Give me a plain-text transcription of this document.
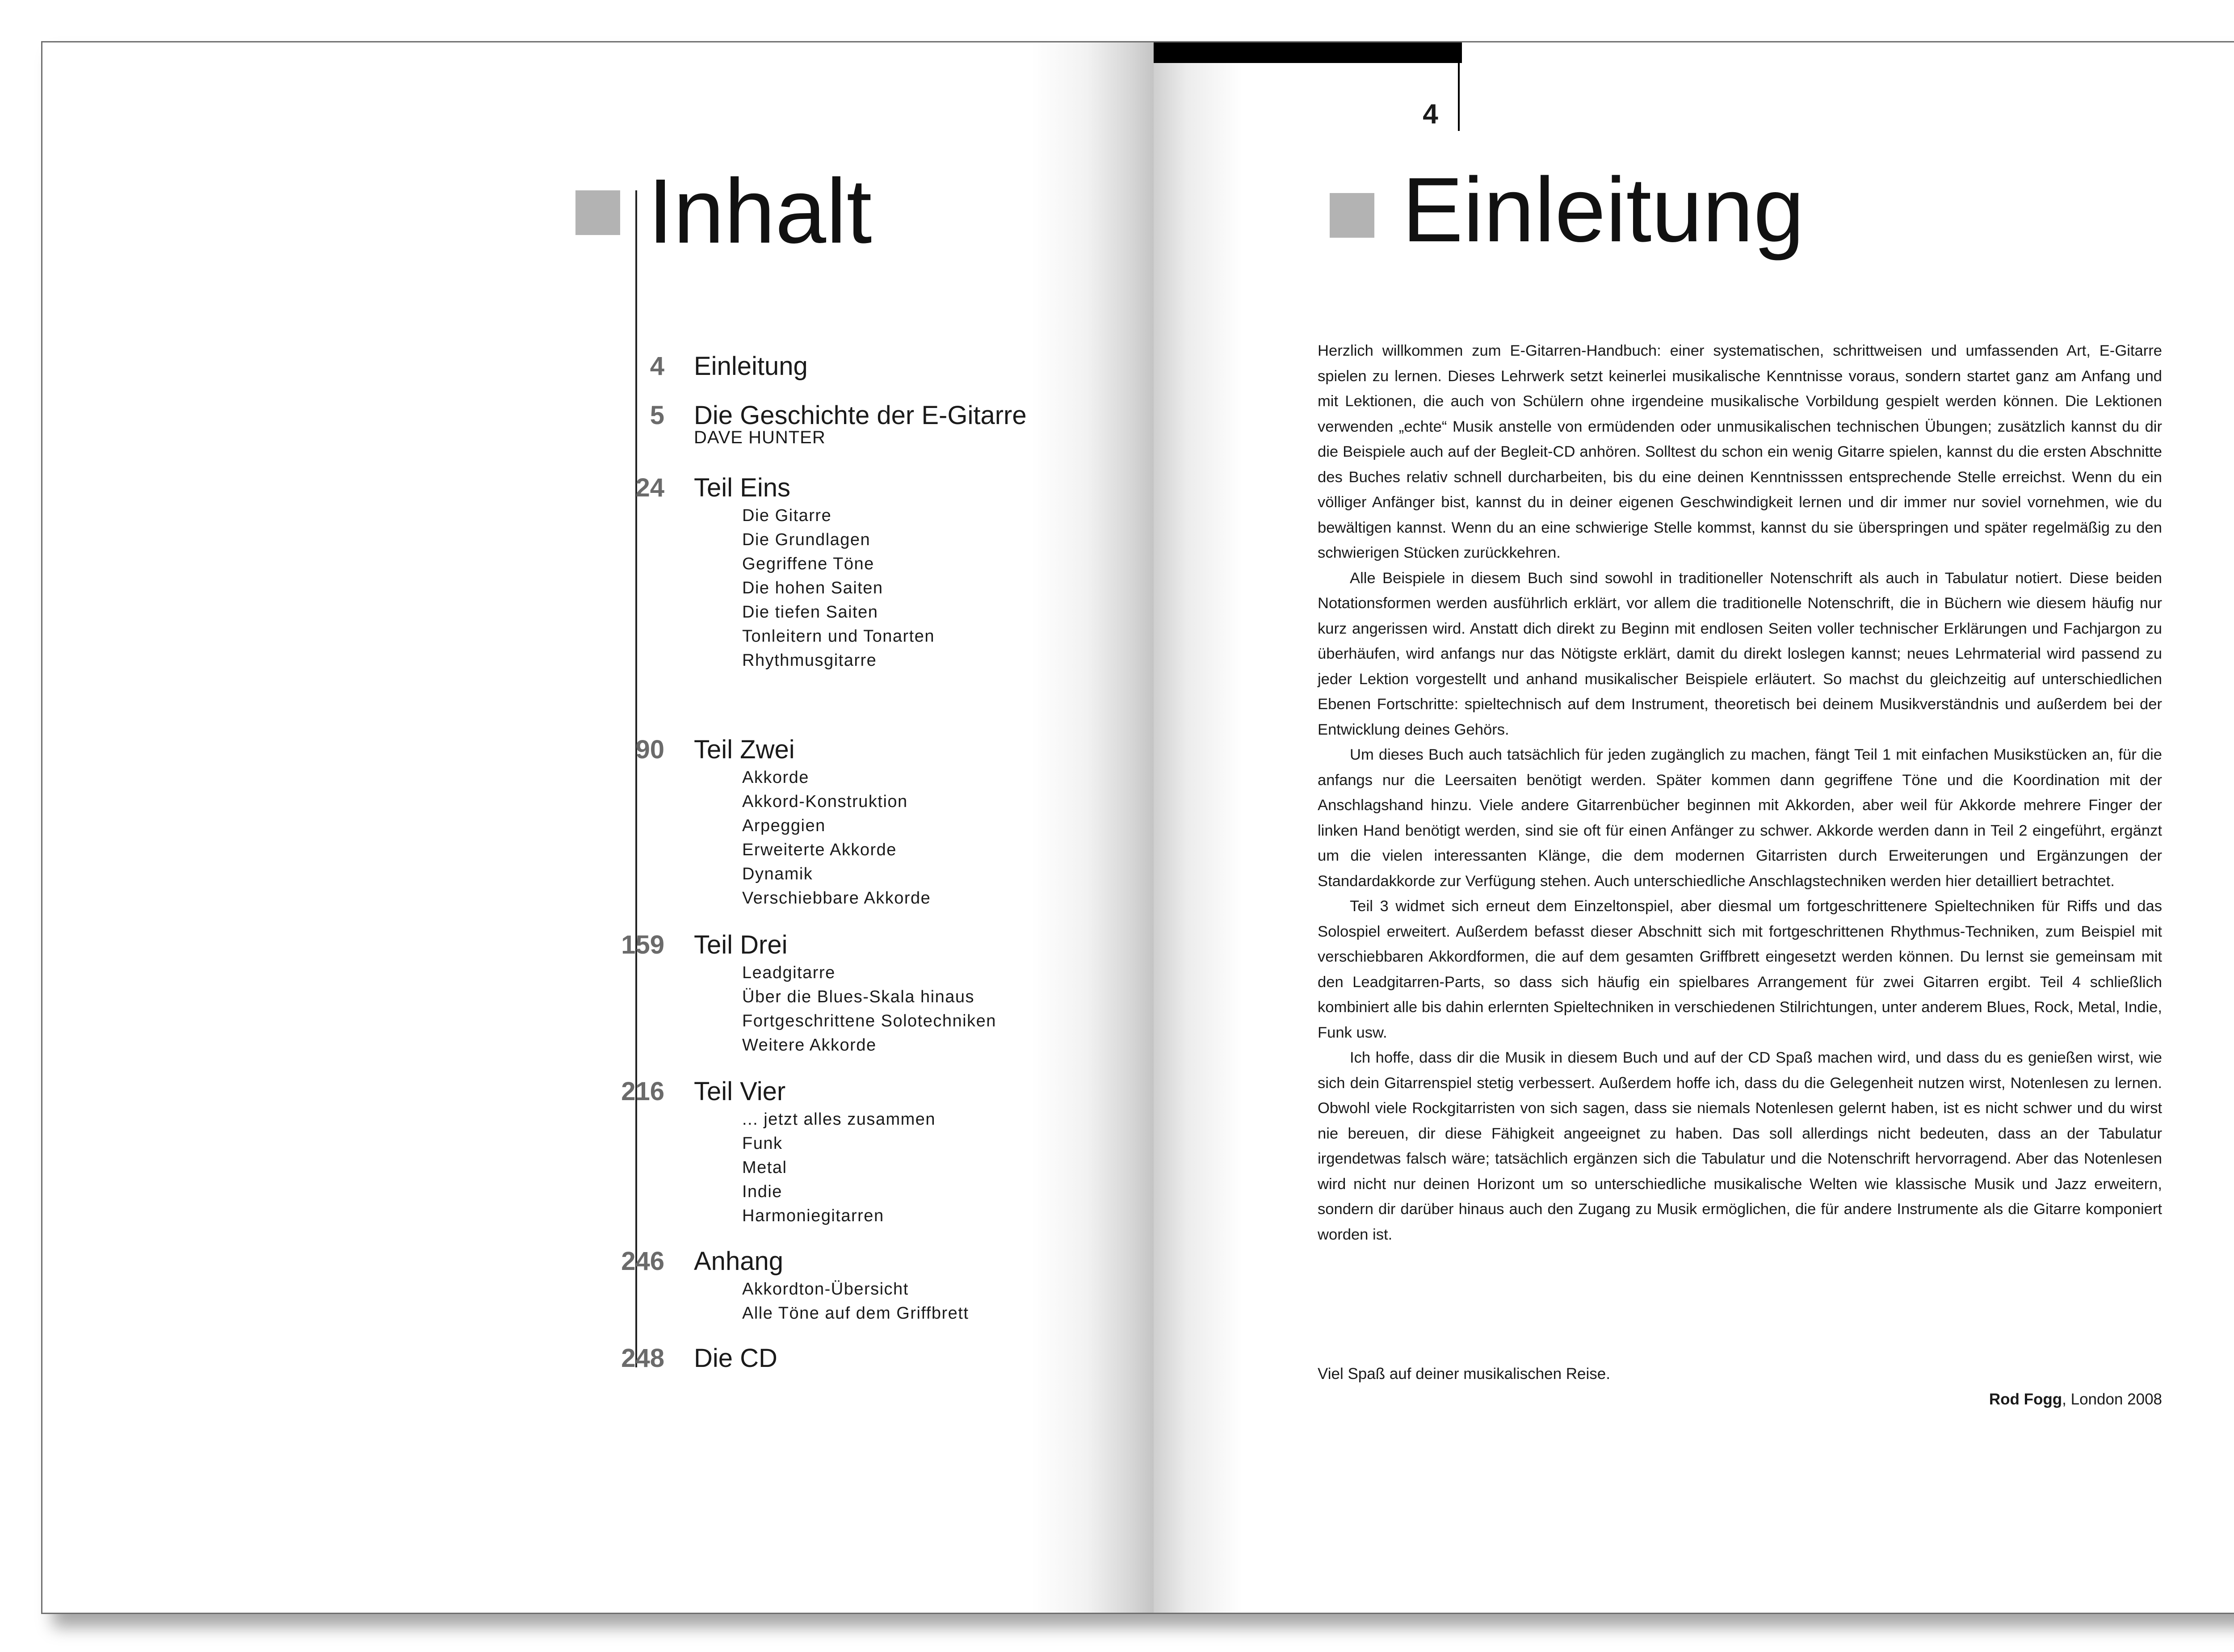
Inhalt
4 Einleitung
5 Die Geschichte der E-Gitarre
DAVE HUNTER
24 Teil Eins
Die Gitarre
Die Grundlagen
Gegriffene Töne
Die hohen Saiten
Die tiefen Saiten
Tonleitern und Tonarten
Rhythmusgitarre
90 Teil Zwei
Akkorde
Akkord-Konstruktion
Arpeggien
Erweiterte Akkorde
Dynamik
Verschiebbare Akkorde
159 Teil Drei
Leadgitarre
Über die Blues-Skala hinaus
Fortgeschrittene Solotechniken
Weitere Akkorde
216 Teil Vier
... jetzt alles zusammen
Funk
Metal
Indie
Harmoniegitarren
246 Anhang
Akkordton-Übersicht
Alle Töne auf dem Griffbrett
248 Die CD
4
Einleitung

Herzlich willkommen zum E-Gitarren-Handbuch: einer systematischen, schrittweisen und umfassenden Art, E-Gitarre spielen zu lernen. Dieses Lehrwerk setzt keinerlei musikalische Kenntnisse voraus, sondern startet ganz am Anfang und mit Lektionen, die auch von Schülern ohne irgendeine musikalische Vorbildung gespielt werden können. Die Lektionen verwenden „echte“ Musik anstelle von ermüdenden oder unmusikalischen technischen Übungen; zusätzlich kannst du dir die Beispiele auch auf der Begleit-CD anhören. Solltest du schon ein wenig Gitarre spielen, kannst du die ersten Abschnitte des Buches relativ schnell durcharbeiten, bis du eine deinen Kenntnisssen entsprechende Stelle erreichst. Wenn du ein völliger Anfänger bist, kannst du in deiner eigenen Geschwindigkeit lernen und dir immer nur soviel vornehmen, wie du bewältigen kannst. Wenn du an eine schwierige Stelle kommst, kannst du sie überspringen und später regelmäßig zu den schwierigen Stücken zurückkehren.

Alle Beispiele in diesem Buch sind sowohl in traditioneller Notenschrift als auch in Tabulatur notiert. Diese beiden Notationsformen werden ausführlich erklärt, vor allem die traditionelle Notenschrift, die in Büchern wie diesem häufig nur kurz angerissen wird. Anstatt dich direkt zu Beginn mit endlosen Seiten voller technischer Erklärungen und Fachjargon zu überhäufen, wird anfangs nur das Nötigste erklärt, damit du direkt loslegen kannst; neues Lehrmaterial wird passend zu jeder Lektion vorgestellt und anhand musikalischer Beispiele erläutert. So machst du gleichzeitig auf unterschiedlichen Ebenen Fortschritte: spieltechnisch auf dem Instrument, theoretisch bei deinem Musikverständnis und außerdem bei der Entwicklung deines Gehörs.

Um dieses Buch auch tatsächlich für jeden zugänglich zu machen, fängt Teil 1 mit einfachen Musikstücken an, für die anfangs nur die Leersaiten benötigt werden. Später kommen dann gegriffene Töne und die Koordination mit der Anschlagshand hinzu. Viele andere Gitarrenbücher beginnen mit Akkorden, aber weil für Akkorde mehrere Finger der linken Hand benötigt werden, sind sie oft für einen Anfänger zu schwer. Akkorde werden dann in Teil 2 eingeführt, ergänzt um die vielen interessanten Klänge, die dem modernen Gitarristen durch Erweiterungen und Ergänzungen der Standardakkorde zur Verfügung stehen. Auch unterschiedliche Anschlagstechniken werden hier detailliert betrachtet.

Teil 3 widmet sich erneut dem Einzeltonspiel, aber diesmal um fortgeschrittenere Spieltechniken für Riffs und das Solospiel erweitert. Außerdem befasst dieser Abschnitt sich mit fortgeschrittenen Rhythmus-Techniken, zum Beispiel mit verschiebbaren Akkordformen, die auf dem gesamten Griffbrett eingesetzt werden können. Du lernst sie gemeinsam mit den Leadgitarren-Parts, so dass sich häufig ein spielbares Arrangement für zwei Gitarren ergibt. Teil 4 schließlich kombiniert alle bis dahin erlernten Spieltechniken in verschiedenen Stilrichtungen, unter anderem Blues, Rock, Metal, Indie, Funk usw.

Ich hoffe, dass dir die Musik in diesem Buch und auf der CD Spaß machen wird, und dass du es genießen wirst, wie sich dein Gitarrenspiel stetig verbessert. Außerdem hoffe ich, dass du die Gelegenheit nutzen wirst, Notenlesen zu lernen. Obwohl viele Rockgitarristen von sich sagen, dass sie niemals Notenlesen gelernt haben, ist es nicht schwer und du wirst nie bereuen, dir diese Fähigkeit angeeignet zu haben. Das soll allerdings nicht bedeuten, dass an der Tabulatur irgendetwas falsch wäre; tatsächlich ergänzen sich die Tabulatur und die Notenschrift hervorragend. Aber das Notenlesen wird nicht nur deinen Horizont um so unterschiedliche musikalische Welten wie klassische Musik und Jazz erweitern, sondern dir darüber hinaus auch den Zugang zu Musik ermöglichen, die für andere Instrumente als die Gitarre komponiert worden ist.

Viel Spaß auf deiner musikalischen Reise.

Rod Fogg, London 2008
